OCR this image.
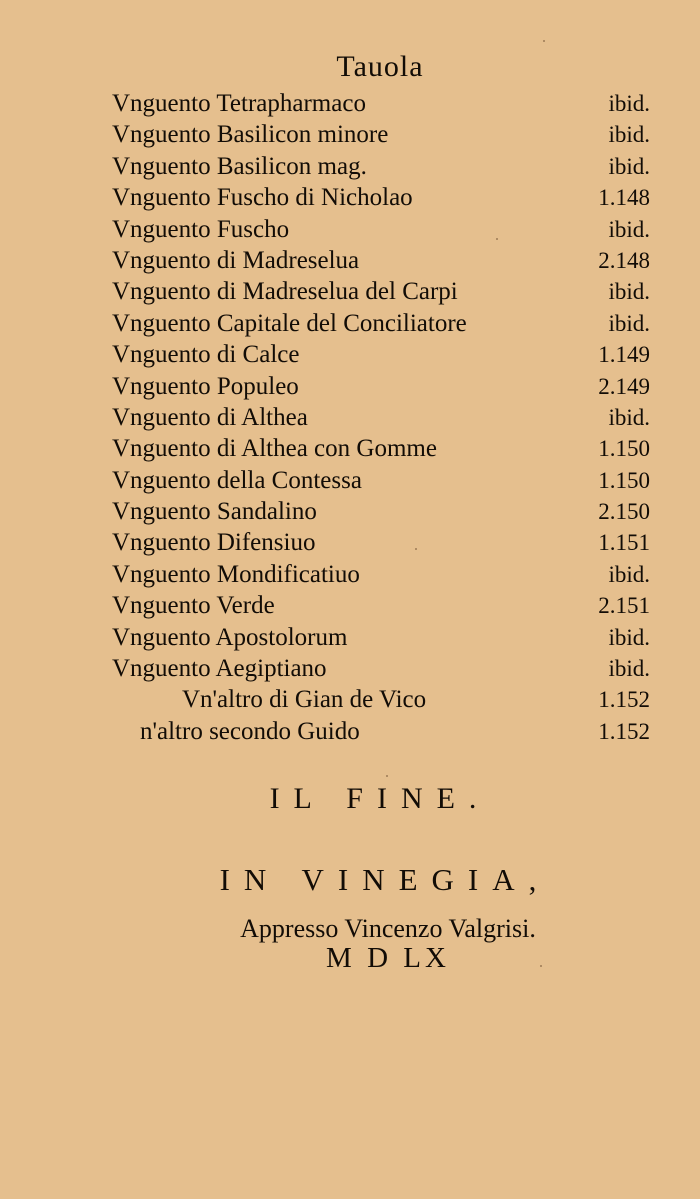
Tauola
Vnguento Tetrapharmaco	ibid.
Vnguento Basilicon minore	ibid.
Vnguento Basilicon mag.	ibid.
Vnguento Fuscho di Nicholao	1.148
Vnguento Fuscho	ibid.
Vnguento di Madreselua	2.148
Vnguento di Madreselua del Carpi	ibid.
Vnguento Capitale del Conciliatore	ibid.
Vnguento di Calce	1.149
Vnguento Populeo	2.149
Vnguento di Althea	ibid.
Vnguento di Althea con Gomme	1.150
Vnguento della Contessa	1.150
Vnguento Sandalino	2.150
Vnguento Difensiuo	1.151
Vnguento Mondificatiuo	ibid.
Vnguento Verde	2.151
Vnguento Apostolorum	ibid.
Vnguento Aegiptiano	ibid.
Vn'altro di Gian de Vico	1.152
n'altro secondo Guido	1.152
IL FINE.
IN VINEGIA,
Appresso Vincenzo Valgrisi.
M D LX
